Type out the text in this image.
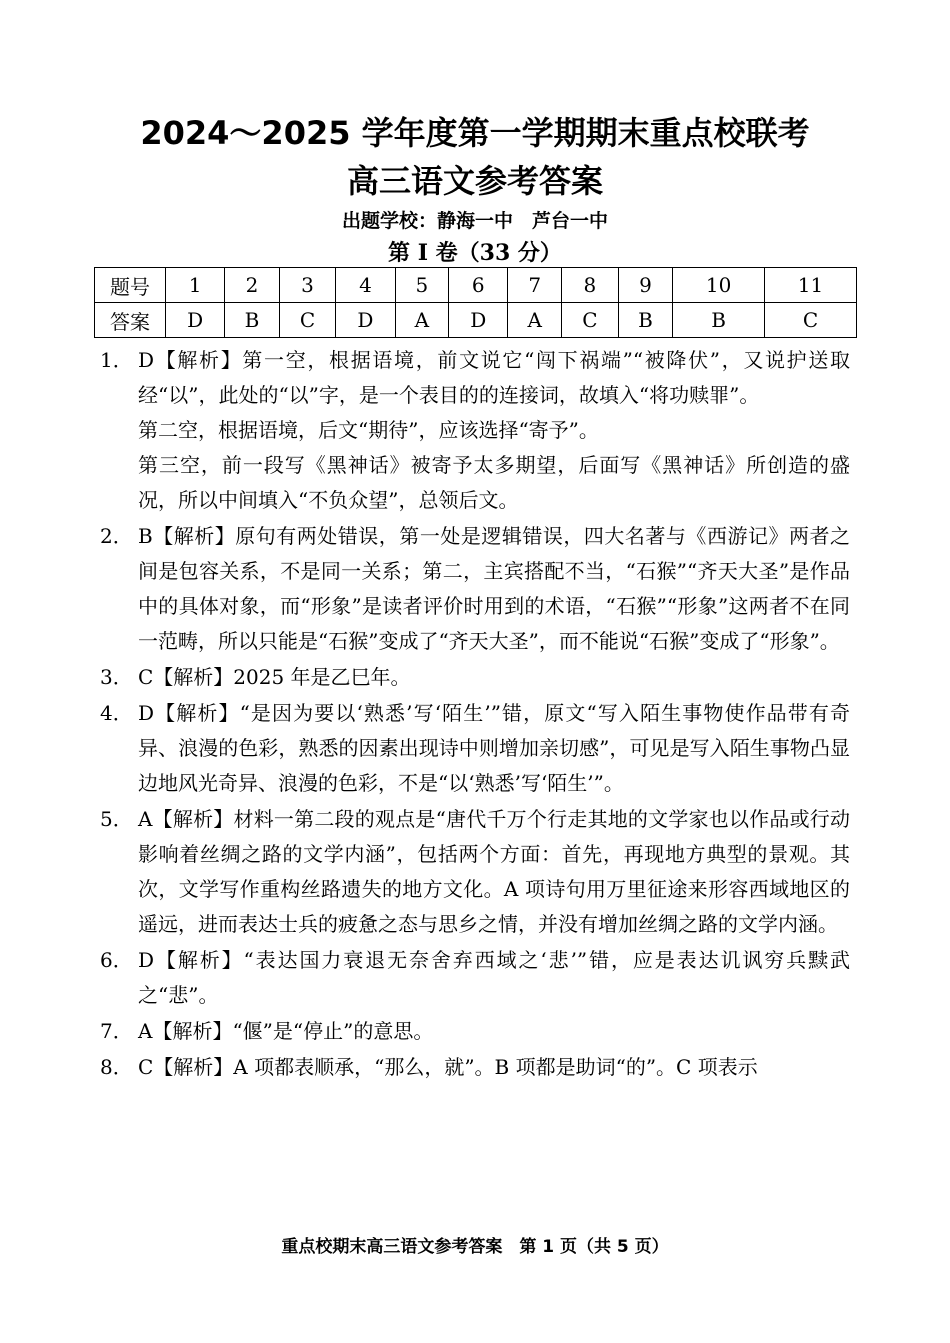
2024～2025 学年度第一学期期末重点校联考
高三语文参考答案
出题学校：静海一中　芦台一中
第 I 卷（33 分）
题号	1	2	3	4	5	6	7	8	9	10	11
答案	D	B	C	D	A	D	A	C	B	B	C
1． D【解析】第一空，根据语境，前文说它“闯下祸端”“被降伏”，又说护送取经“以”，此处的“以”字，是一个表目的的连接词，故填入“将功赎罪”。
第二空，根据语境，后文“期待”，应该选择“寄予”。
第三空，前一段写《黑神话》被寄予太多期望，后面写《黑神话》所创造的盛况，所以中间填入“不负众望”，总领后文。
2． B【解析】原句有两处错误，第一处是逻辑错误，四大名著与《西游记》两者之间是包容关系，不是同一关系；第二，主宾搭配不当，“石猴”“齐天大圣”是作品中的具体对象，而“形象”是读者评价时用到的术语，“石猴”“形象”这两者不在同一范畴，所以只能是“石猴”变成了“齐天大圣”，而不能说“石猴”变成了“形象”。
3． C【解析】2025 年是乙巳年。
4． D【解析】“是因为要以‘熟悉’写‘陌生’”错，原文“写入陌生事物使作品带有奇异、浪漫的色彩，熟悉的因素出现诗中则增加亲切感”，可见是写入陌生事物凸显边地风光奇异、浪漫的色彩，不是“以‘熟悉’写‘陌生’”。
5． A【解析】材料一第二段的观点是“唐代千万个行走其地的文学家也以作品或行动影响着丝绸之路的文学内涵”，包括两个方面：首先，再现地方典型的景观。其次，文学写作重构丝路遗失的地方文化。A 项诗句用万里征途来形容西域地区的遥远，进而表达士兵的疲惫之态与思乡之情，并没有增加丝绸之路的文学内涵。
6． D【解析】“表达国力衰退无奈舍弃西域之‘悲’”错，应是表达讥讽穷兵黩武之“悲”。
7． A【解析】“偃”是“停止”的意思。
8． C【解析】A 项都表顺承，“那么，就”。B 项都是助词“的”。C 项表示
重点校期末高三语文参考答案　第 1 页（共 5 页）
